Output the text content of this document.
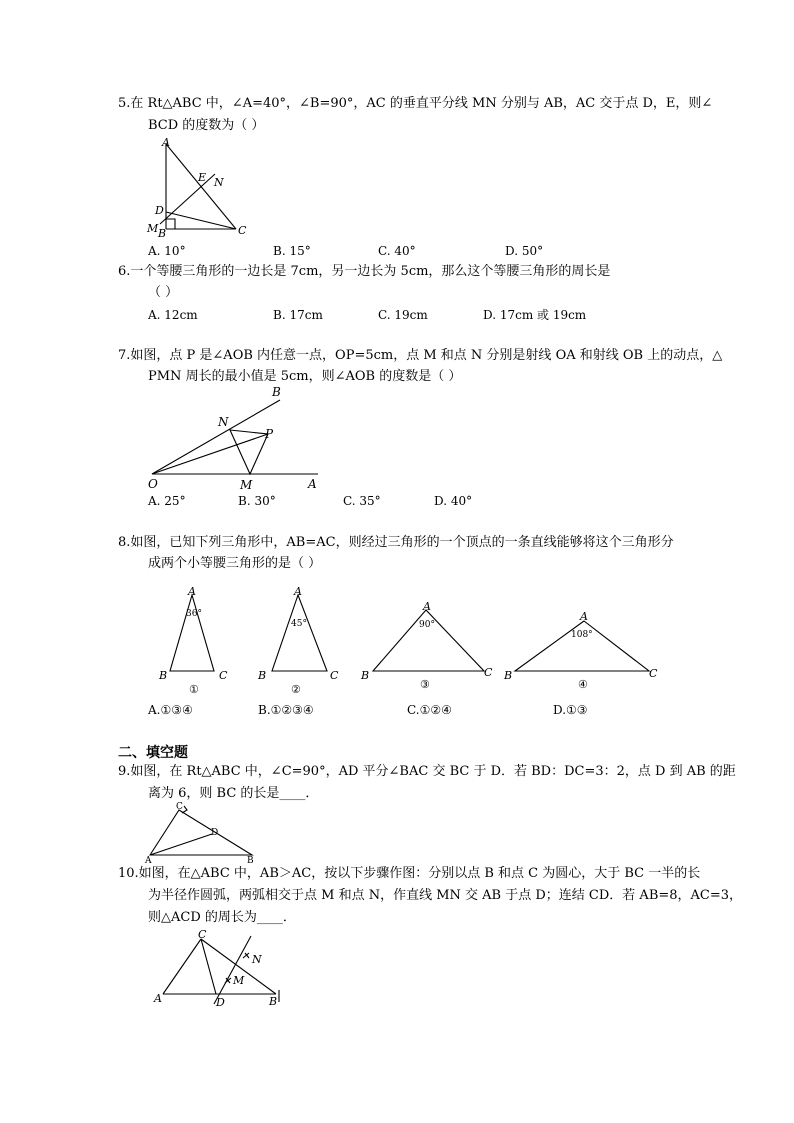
5.在 Rt△ABC 中，∠A=40°，∠B=90°，AC 的垂直平分线 MN 分别与 AB，AC 交于点 D，E，则∠
BCD 的度数为（ ）
A
E N
D
C
M B
A. 10°	B. 15°	C. 40°	D. 50°
6.一个等腰三角形的一边长是 7cm，另一边长为 5cm，那么这个等腰三角形的周长是
（ ）
A. 12cm	B. 17cm	C. 19cm	D. 17cm 或 19cm
7.如图，点 P 是∠AOB 内任意一点，OP=5cm，点 M 和点 N 分别是射线 OA 和射线 OB 上的动点，△
PMN 周长的最小值是 5cm，则∠AOB 的度数是（ ）
B
N
P
O	M	A
A. 25°	B. 30°	C. 35°	D. 40°
8.如图，已知下列三角形中，AB=AC，则经过三角形的一个顶点的一条直线能够将这个三角形分
成两个小等腰三角形的是（ ）
A
36°
B	C
①
A
45°
B	C
②
A
90°
B	C
③
A
108°
B	C
④
A.①③④	B.①②③④	C.①②④	D.①③
二、填空题
9.如图，在 Rt△ABC 中，∠C=90°，AD 平分∠BAC 交 BC 于 D．若 BD：DC=3：2，点 D 到 AB 的距
离为 6，则 BC 的长是____．
C
D
A	B
10.如图，在△ABC 中，AB＞AC，按以下步骤作图：分别以点 B 和点 C 为圆心，大于 BC 一半的长
为半径作圆弧，两弧相交于点 M 和点 N，作直线 MN 交 AB 于点 D；连结 CD．若 AB=8，AC=3，
则△ACD 的周长为____．
C
N
M
A	D	B
